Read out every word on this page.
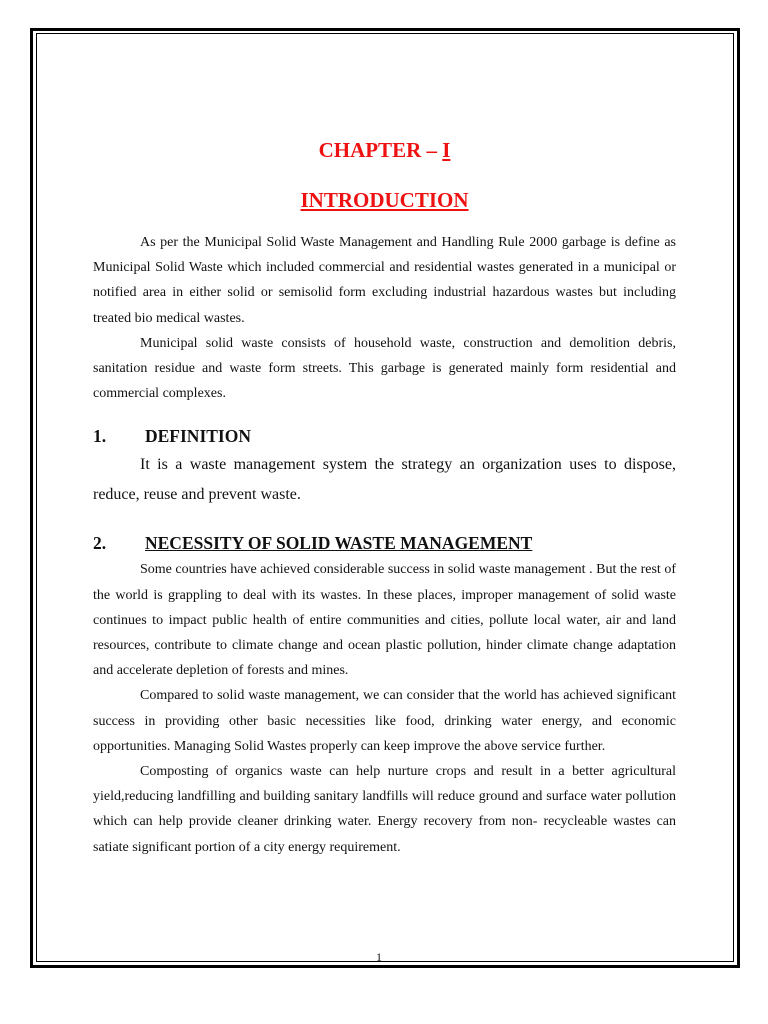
CHAPTER – I
INTRODUCTION

As per the Municipal Solid Waste Management and Handling Rule 2000 garbage is define as Municipal Solid Waste which included commercial and residential wastes generated in a municipal or notified area in either solid or semisolid form excluding industrial hazardous wastes but including treated bio medical wastes.

Municipal solid waste consists of household waste, construction and demolition debris, sanitation residue and waste form streets. This garbage is generated mainly form residential and commercial complexes.

1.	DEFINITION

It is a waste management system the strategy an organization uses to dispose, reduce, reuse and prevent waste.

2.	NECESSITY OF SOLID WASTE MANAGEMENT

Some countries have achieved considerable success in solid waste management . But the rest of the world is grappling to deal with its wastes. In these places, improper management of solid waste continues to impact public health of entire communities and cities, pollute local water, air and land resources, contribute to climate change and ocean plastic pollution, hinder climate change adaptation and accelerate depletion of forests and mines.

Compared to solid waste management, we can consider that the world has achieved significant success in providing other basic necessities like food, drinking water energy, and economic opportunities. Managing Solid Wastes properly can keep improve the above service further.

Composting of organics waste can help nurture crops and result in a better agricultural yield,reducing landfilling and building sanitary landfills will reduce ground and surface water pollution which can help provide cleaner drinking water. Energy recovery from non- recycleable wastes can satiate significant portion of a city energy requirement.

1
